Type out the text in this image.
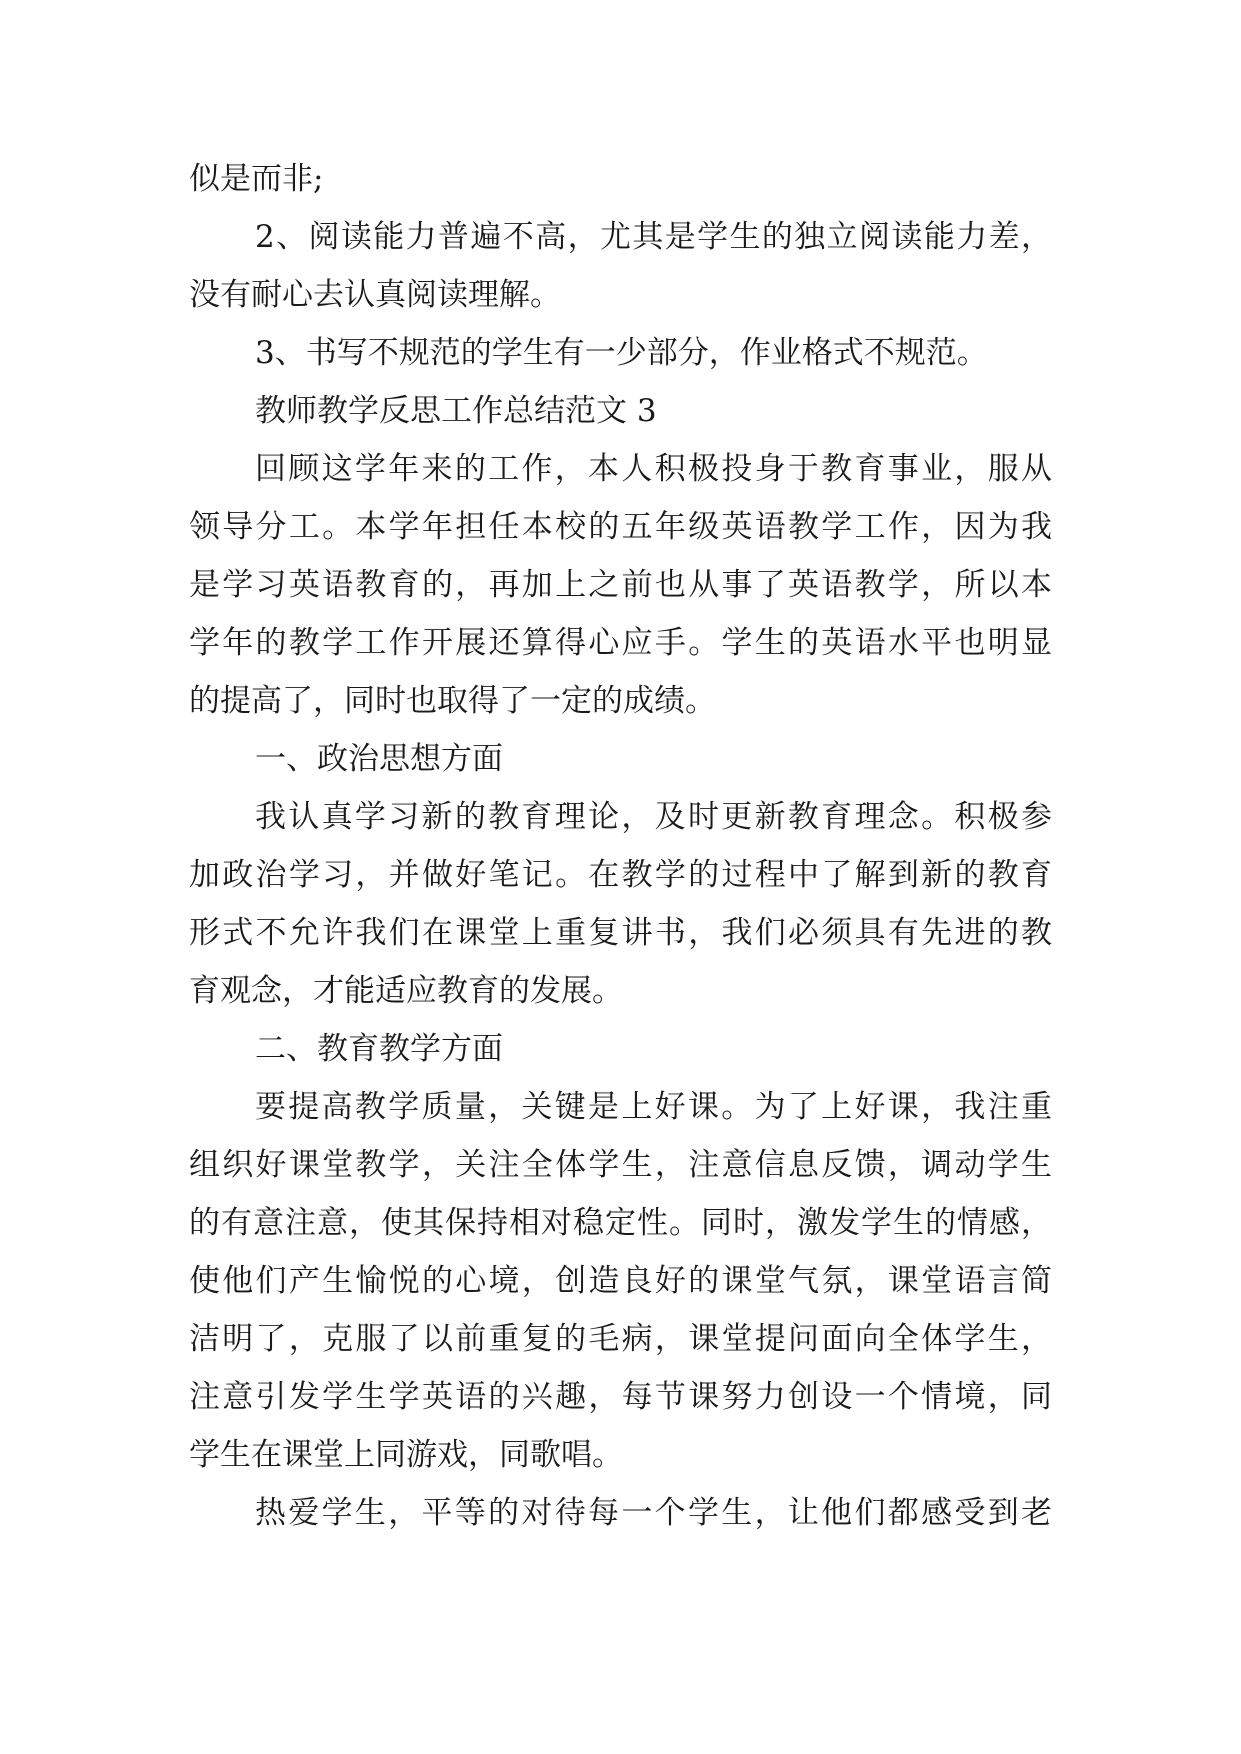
似是而非;
2、阅读能力普遍不高，尤其是学生的独立阅读能力差，
没有耐心去认真阅读理解。
3、书写不规范的学生有一少部分，作业格式不规范。
教师教学反思工作总结范文 3
回顾这学年来的工作，本人积极投身于教育事业，服从
领导分工。本学年担任本校的五年级英语教学工作，因为我
是学习英语教育的，再加上之前也从事了英语教学，所以本
学年的教学工作开展还算得心应手。学生的英语水平也明显
的提高了，同时也取得了一定的成绩。
一、政治思想方面
我认真学习新的教育理论，及时更新教育理念。积极参
加政治学习，并做好笔记。在教学的过程中了解到新的教育
形式不允许我们在课堂上重复讲书，我们必须具有先进的教
育观念，才能适应教育的发展。
二、教育教学方面
要提高教学质量，关键是上好课。为了上好课，我注重
组织好课堂教学，关注全体学生，注意信息反馈，调动学生
的有意注意，使其保持相对稳定性。同时，激发学生的情感，
使他们产生愉悦的心境，创造良好的课堂气氛，课堂语言简
洁明了，克服了以前重复的毛病，课堂提问面向全体学生，
注意引发学生学英语的兴趣，每节课努力创设一个情境，同
学生在课堂上同游戏，同歌唱。
热爱学生，平等的对待每一个学生，让他们都感受到老
